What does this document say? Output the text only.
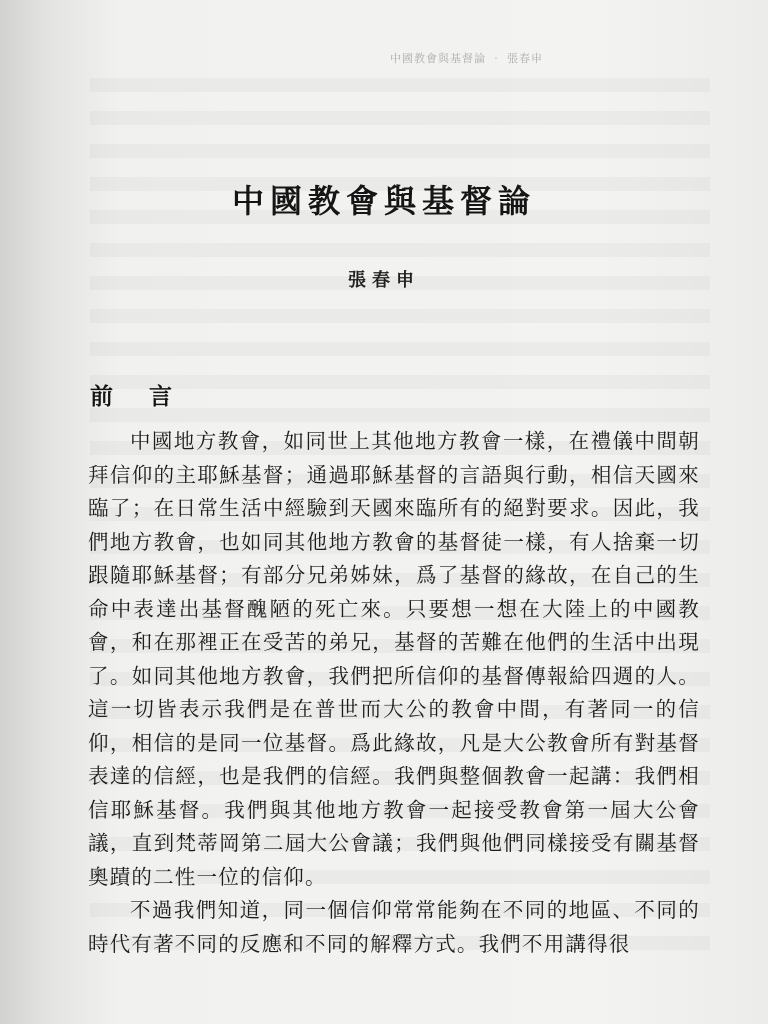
中國教會與基督論 ‧ 張春申
中國教會與基督論
張春申
前 言

中國地方教會，如同世上其他地方教會一樣，在禮儀中間朝拜信仰的主耶穌基督；通過耶穌基督的言語與行動，相信天國來臨了；在日常生活中經驗到天國來臨所有的絕對要求。因此，我們地方教會，也如同其他地方教會的基督徒一樣，有人捨棄一切跟隨耶穌基督；有部分兄弟姊妹，爲了基督的緣故，在自己的生命中表達出基督醜陋的死亡來。只要想一想在大陸上的中國教會，和在那裡正在受苦的弟兄，基督的苦難在他們的生活中出現了。如同其他地方教會，我們把所信仰的基督傳報給四週的人。這一切皆表示我們是在普世而大公的教會中間，有著同一的信仰，相信的是同一位基督。爲此緣故，凡是大公教會所有對基督表達的信經，也是我們的信經。我們與整個教會一起講：我們相信耶穌基督。我們與其他地方教會一起接受教會第一屆大公會議，直到梵蒂岡第二屆大公會議；我們與他們同樣接受有關基督奧蹟的二性一位的信仰。

不過我們知道，同一個信仰常常能夠在不同的地區、不同的時代有著不同的反應和不同的解釋方式。我們不用講得很
